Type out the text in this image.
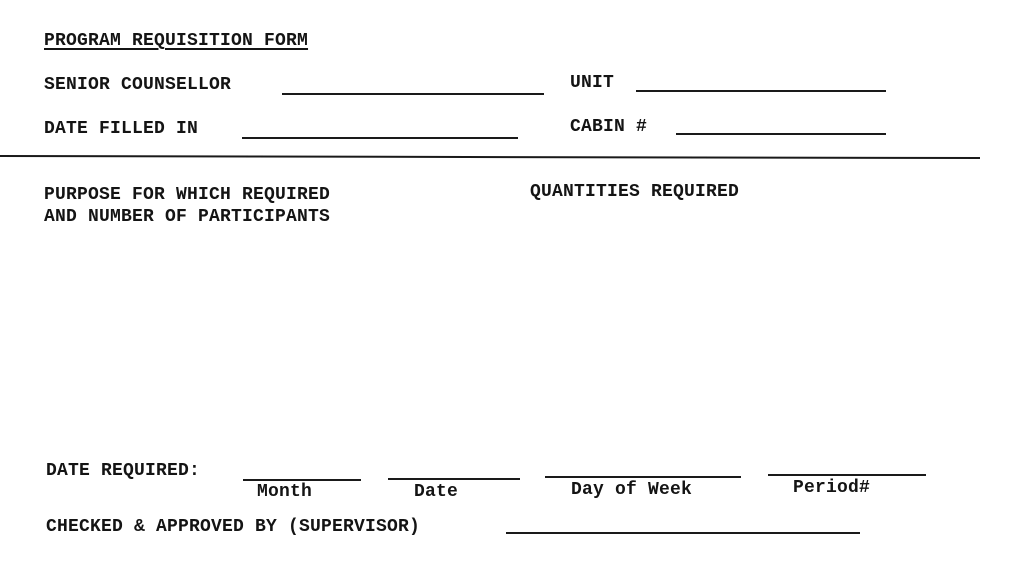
PROGRAM REQUISITION FORM
SENIOR COUNSELLOR	UNIT
DATE FILLED IN	CABIN #
PURPOSE FOR WHICH REQUIRED
AND NUMBER OF PARTICIPANTS
QUANTITIES REQUIRED
DATE REQUIRED:
Month	Date	Day of Week	Period#
CHECKED & APPROVED BY (SUPERVISOR)
